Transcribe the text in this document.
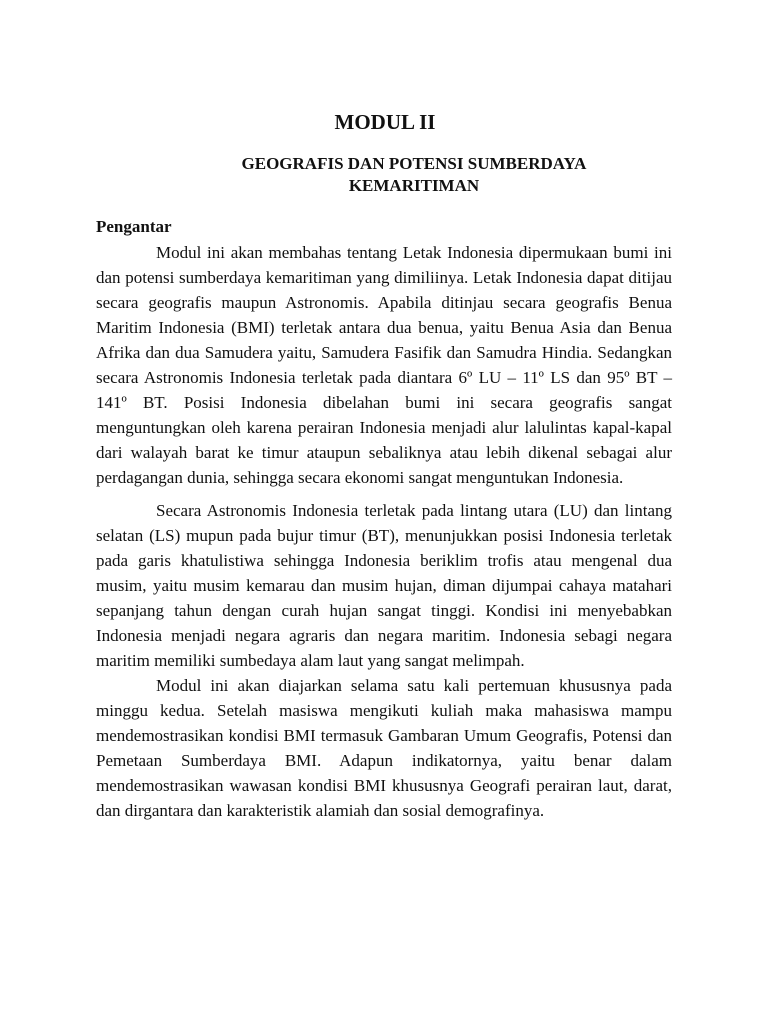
MODUL II
GEOGRAFIS DAN POTENSI SUMBERDAYA
KEMARITIMAN
Pengantar

Modul ini akan membahas tentang Letak Indonesia dipermukaan bumi ini dan potensi sumberdaya kemaritiman yang dimiliinya. Letak Indonesia dapat ditijau secara geografis maupun Astronomis. Apabila ditinjau secara geografis Benua Maritim Indonesia (BMI) terletak antara dua benua, yaitu Benua Asia dan Benua Afrika dan dua Samudera yaitu, Samudera Fasifik dan Samudra Hindia. Sedangkan secara Astronomis Indonesia terletak pada diantara 6º LU – 11º LS dan 95º BT – 141º BT. Posisi Indonesia dibelahan bumi ini secara geografis sangat menguntungkan oleh karena perairan Indonesia menjadi alur lalulintas kapal-kapal dari walayah barat ke timur ataupun sebaliknya atau lebih dikenal sebagai alur perdagangan dunia, sehingga secara ekonomi sangat menguntukan Indonesia.

Secara Astronomis Indonesia terletak pada lintang utara (LU) dan lintang selatan (LS) mupun pada bujur timur (BT), menunjukkan posisi Indonesia terletak pada garis khatulistiwa sehingga Indonesia beriklim trofis atau mengenal dua musim, yaitu musim kemarau dan musim hujan, diman dijumpai cahaya matahari sepanjang tahun dengan curah hujan sangat tinggi. Kondisi ini menyebabkan Indonesia menjadi negara agraris dan negara maritim. Indonesia sebagi negara maritim memiliki sumbedaya alam laut yang sangat melimpah.

Modul ini akan diajarkan selama satu kali pertemuan khususnya pada minggu kedua. Setelah masiswa mengikuti kuliah maka mahasiswa mampu mendemostrasikan kondisi BMI termasuk Gambaran Umum Geografis, Potensi dan Pemetaan Sumberdaya BMI. Adapun indikatornya, yaitu benar dalam mendemostrasikan wawasan kondisi BMI khususnya Geografi perairan laut, darat, dan dirgantara dan karakteristik alamiah dan sosial demografinya.
